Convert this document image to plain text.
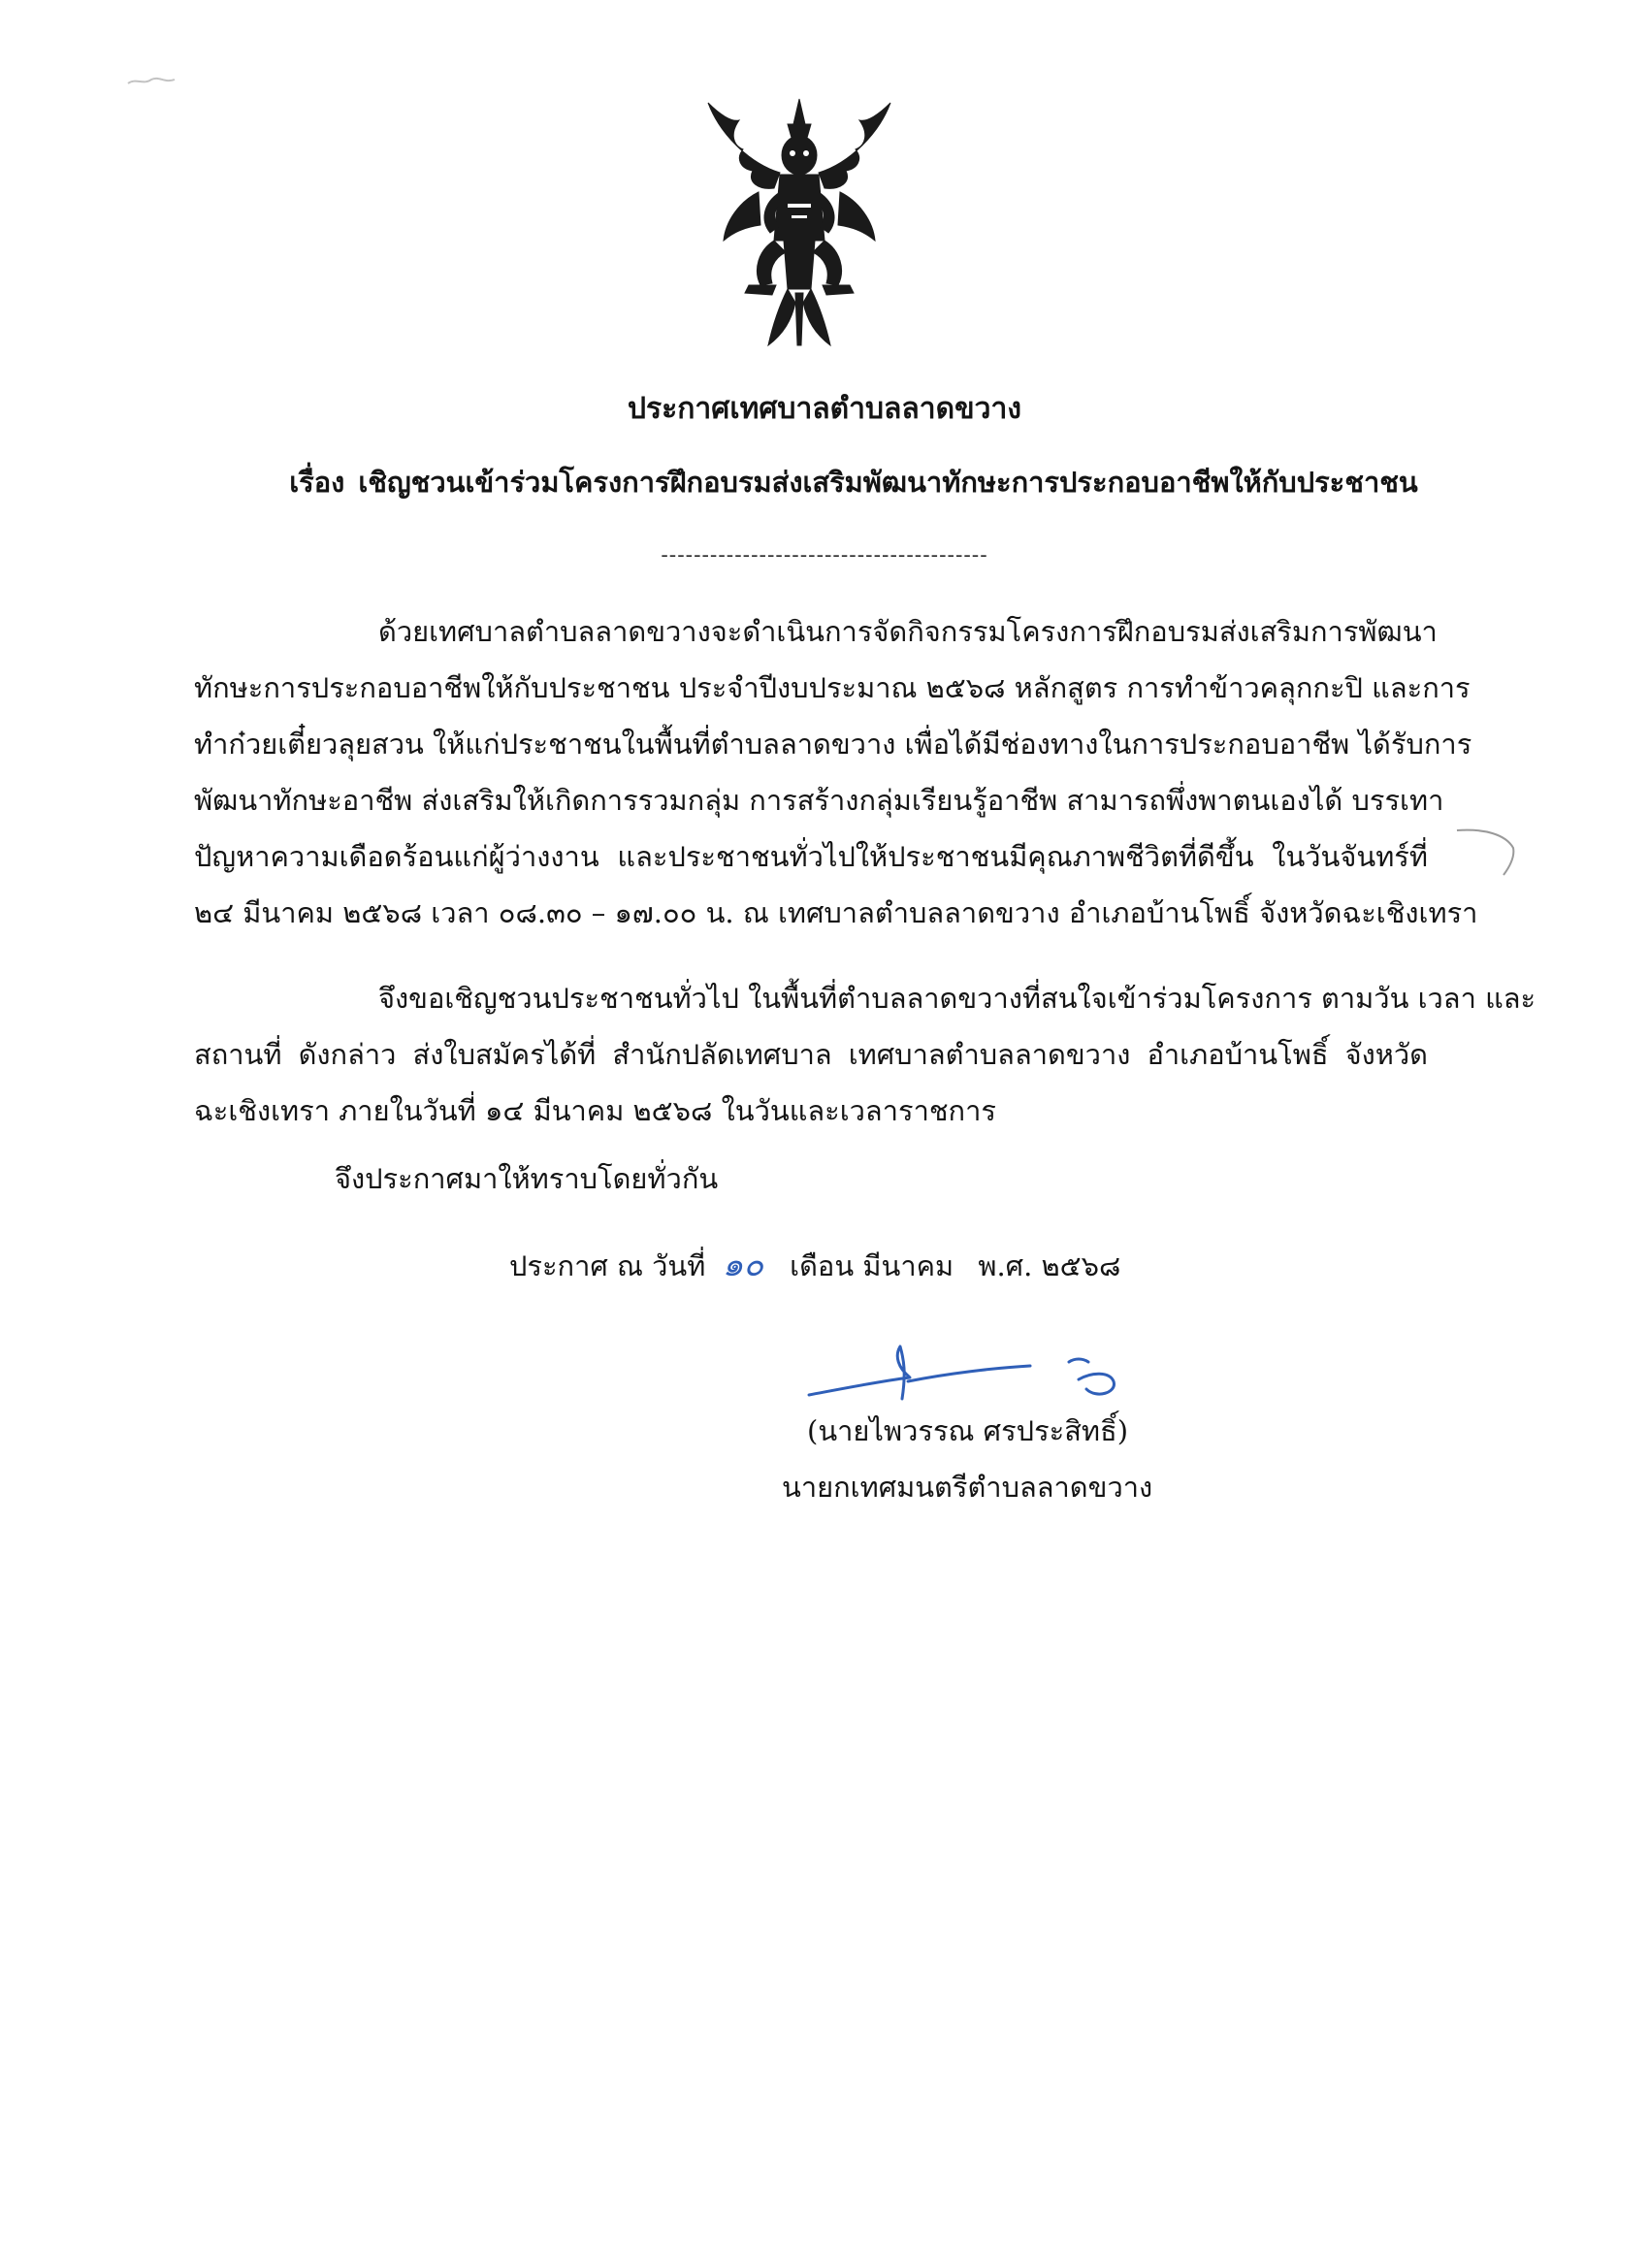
ประกาศเทศบาลตำบลลาดขวาง
เรื่อง เชิญชวนเข้าร่วมโครงการฝึกอบรมส่งเสริมพัฒนาทักษะการประกอบอาชีพให้กับประชาชน
----------------------------------------
ด้วยเทศบาลตำบลลาดขวางจะดำเนินการจัดกิจกรรมโครงการฝึกอบรมส่งเสริมการพัฒนา
ทักษะการประกอบอาชีพให้กับประชาชน ประจำปีงบประมาณ ๒๕๖๘ หลักสูตร การทำข้าวคลุกกะปิ และการ
ทำก๋วยเตี๋ยวลุยสวน ให้แก่ประชาชนในพื้นที่ตำบลลาดขวาง เพื่อได้มีช่องทางในการประกอบอาชีพ ได้รับการ
พัฒนาทักษะอาชีพ ส่งเสริมให้เกิดการรวมกลุ่ม การสร้างกลุ่มเรียนรู้อาชีพ สามารถพึ่งพาตนเองได้ บรรเทา
ปัญหาความเดือดร้อนแก่ผู้ว่างงาน และประชาชนทั่วไปให้ประชาชนมีคุณภาพชีวิตที่ดีขึ้น ในวันจันทร์ที่
๒๔ มีนาคม ๒๕๖๘ เวลา ๐๘.๓๐ – ๑๗.๐๐ น. ณ เทศบาลตำบลลาดขวาง อำเภอบ้านโพธิ์ จังหวัดฉะเชิงเทรา
จึงขอเชิญชวนประชาชนทั่วไป ในพื้นที่ตำบลลาดขวางที่สนใจเข้าร่วมโครงการ ตามวัน เวลา และ
สถานที่ ดังกล่าว ส่งใบสมัครได้ที่ สำนักปลัดเทศบาล เทศบาลตำบลลาดขวาง อำเภอบ้านโพธิ์ จังหวัด
ฉะเชิงเทรา ภายในวันที่ ๑๔ มีนาคม ๒๕๖๘ ในวันและเวลาราชการ
จึงประกาศมาให้ทราบโดยทั่วกัน
ประกาศ ณ วันที่ ๑๐ เดือน มีนาคม พ.ศ. ๒๕๖๘
(นายไพวรรณ ศรประสิทธิ์)
นายกเทศมนตรีตำบลลาดขวาง
